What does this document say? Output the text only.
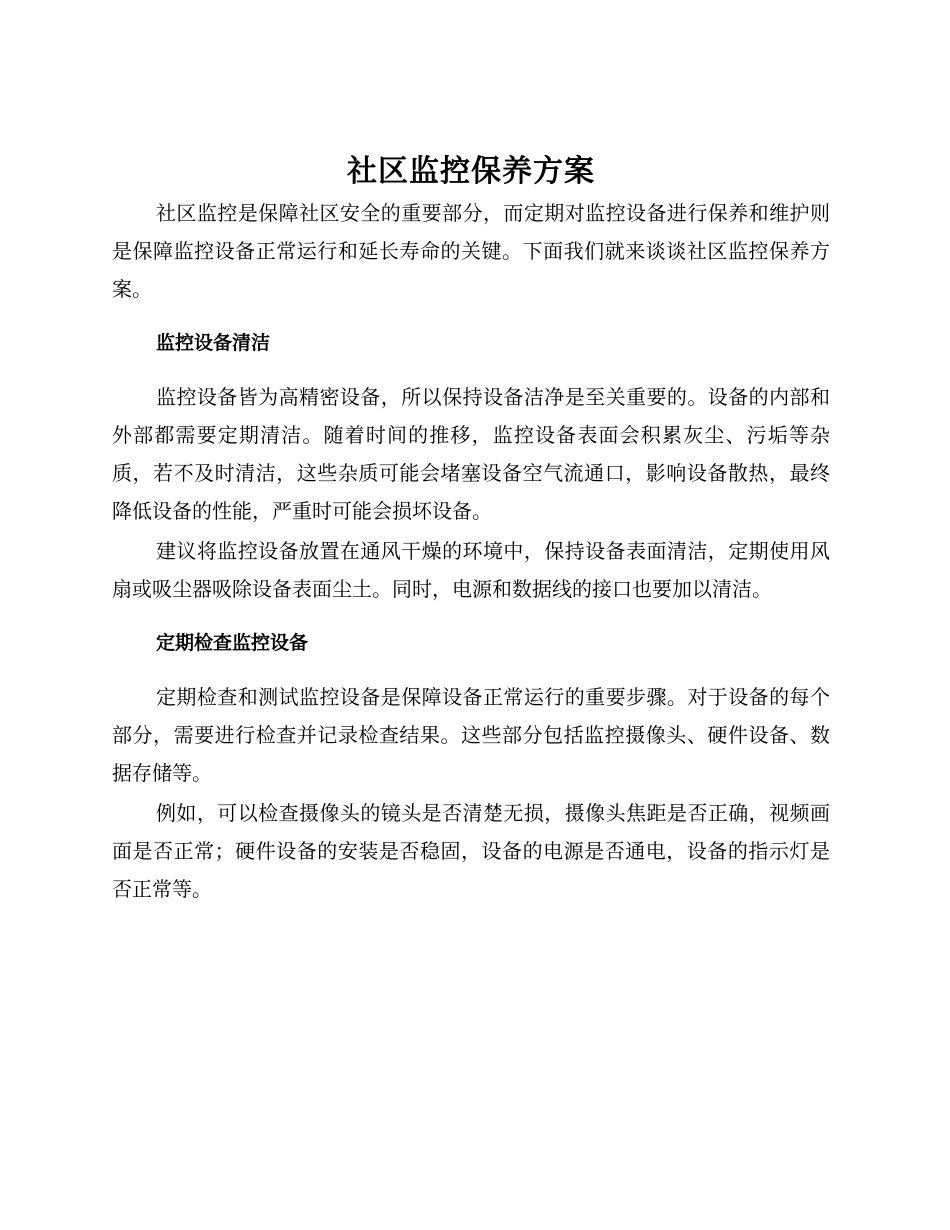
社区监控保养方案

社区监控是保障社区安全的重要部分，而定期对监控设备进行保养和维护则是保障监控设备正常运行和延长寿命的关键。下面我们就来谈谈社区监控保养方案。

监控设备清洁

监控设备皆为高精密设备，所以保持设备洁净是至关重要的。设备的内部和外部都需要定期清洁。随着时间的推移，监控设备表面会积累灰尘、污垢等杂质，若不及时清洁，这些杂质可能会堵塞设备空气流通口，影响设备散热，最终降低设备的性能，严重时可能会损坏设备。

建议将监控设备放置在通风干燥的环境中，保持设备表面清洁，定期使用风扇或吸尘器吸除设备表面尘土。同时，电源和数据线的接口也要加以清洁。

定期检查监控设备

定期检查和测试监控设备是保障设备正常运行的重要步骤。对于设备的每个部分，需要进行检查并记录检查结果。这些部分包括监控摄像头、硬件设备、数据存储等。

例如，可以检查摄像头的镜头是否清楚无损，摄像头焦距是否正确，视频画面是否正常；硬件设备的安装是否稳固，设备的电源是否通电，设备的指示灯是否正常等。
